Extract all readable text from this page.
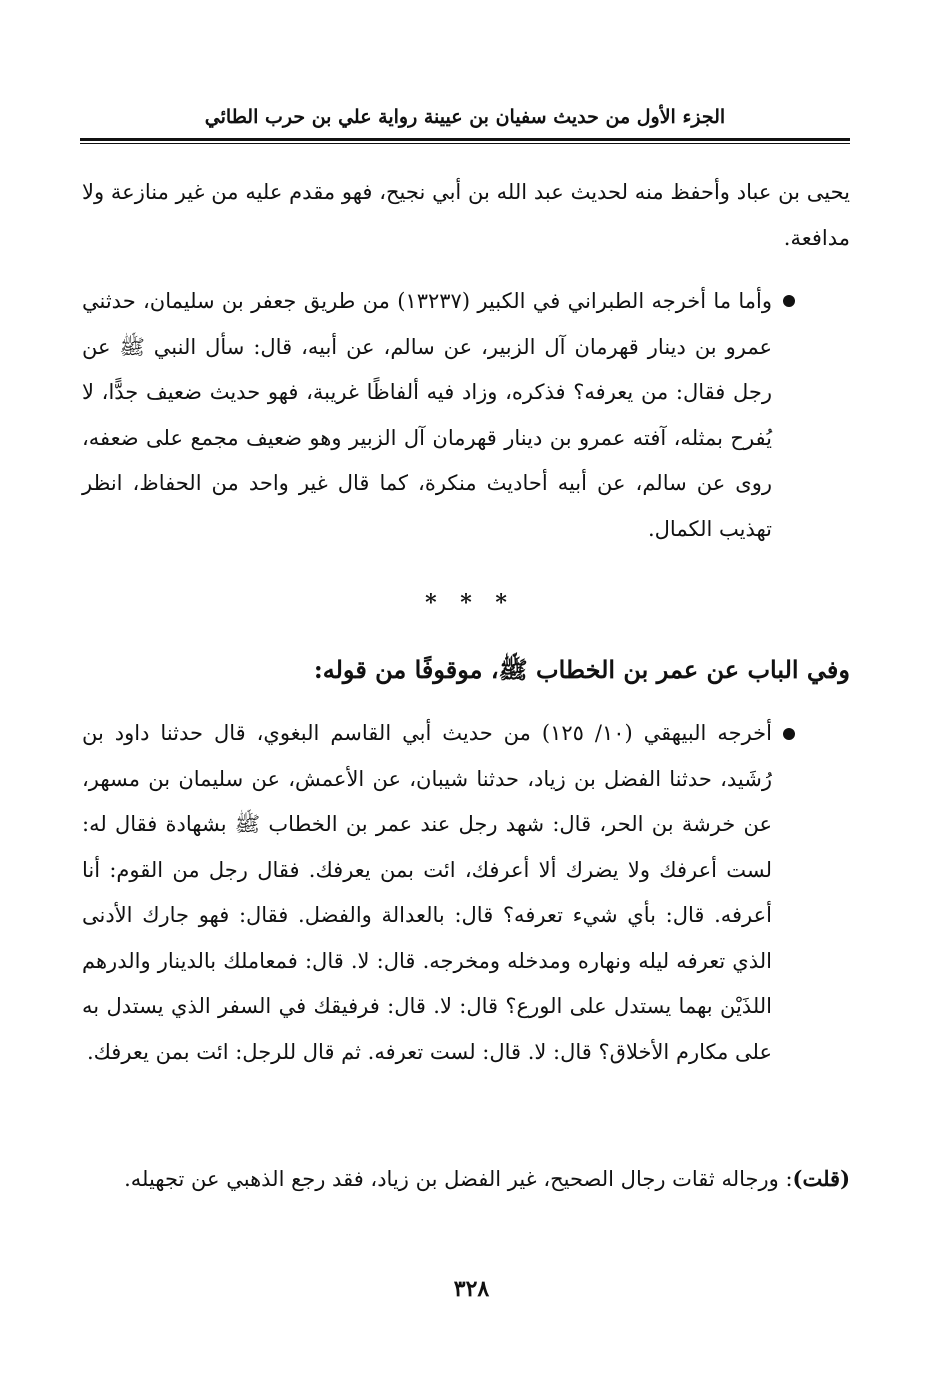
الجزء الأول من حديث سفيان بن عيينة رواية علي بن حرب الطائي
يحيى بن عباد وأحفظ منه لحديث عبد الله بن أبي نجيح، فهو مقدم عليه من غير منازعة ولا مدافعة.
وأما ما أخرجه الطبراني في الكبير (١٣٢٣٧) من طريق جعفر بن سليمان، حدثني عمرو بن دينار قهرمان آل الزبير، عن سالم، عن أبيه، قال: سأل النبي ﷺ عن رجل فقال: من يعرفه؟ فذكره، وزاد فيه ألفاظًا غريبة، فهو حديث ضعيف جدًّا، لا يُفرح بمثله، آفته عمرو بن دينار قهرمان آل الزبير وهو ضعيف مجمع على ضعفه، روى عن سالم، عن أبيه أحاديث منكرة، كما قال غير واحد من الحفاظ، انظر تهذيب الكمال.
* * *
وفي الباب عن عمر بن الخطاب ﷺ، موقوفًا من قوله:
أخرجه البيهقي (١٠/ ١٢٥) من حديث أبي القاسم البغوي، قال حدثنا داود بن رُشَيد، حدثنا الفضل بن زياد، حدثنا شيبان، عن الأعمش، عن سليمان بن مسهر، عن خرشة بن الحر، قال: شهد رجل عند عمر بن الخطاب ﷺ بشهادة فقال له: لست أعرفك ولا يضرك ألا أعرفك، ائت بمن يعرفك. فقال رجل من القوم: أنا أعرفه. قال: بأي شيء تعرفه؟ قال: بالعدالة والفضل. فقال: فهو جارك الأدنى الذي تعرفه ليله ونهاره ومدخله ومخرجه. قال: لا. قال: فمعاملك بالدينار والدرهم اللذَيْن بهما يستدل على الورع؟ قال: لا. قال: فرفيقك في السفر الذي يستدل به على مكارم الأخلاق؟ قال: لا. قال: لست تعرفه. ثم قال للرجل: ائت بمن يعرفك.
(قلت): ورجاله ثقات رجال الصحيح، غير الفضل بن زياد، فقد رجع الذهبي عن تجهيله.
٣٢٨
